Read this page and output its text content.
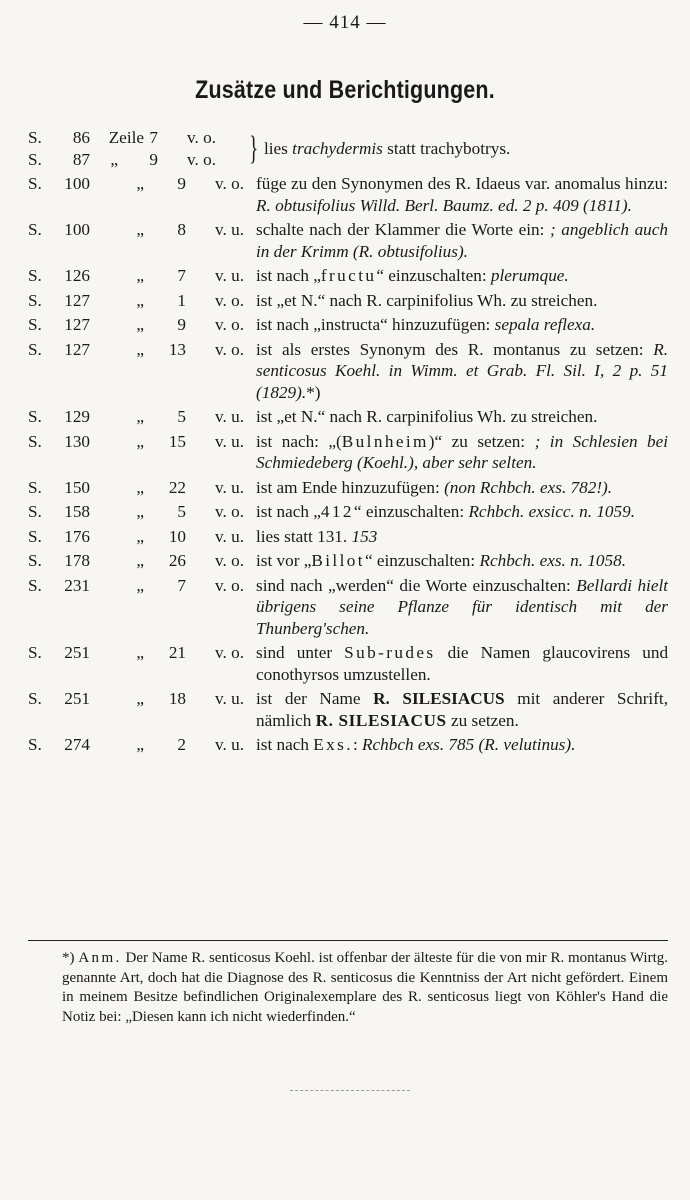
— 414 —
Zusätze und Berichtigungen.
S. 86 Zeile 7 v. o.
S. 87 „ 9 v. o. } lies trachydermis statt trachybotrys.
S. 100	„ 9 v. o. füge zu den Synonymen des R. Idaeus var. anomalus hinzu: R. obtusifolius Willd. Berl. Baumz. ed. 2 p. 409 (1811).
S. 100	„ 8 v. u. schalte nach der Klammer die Worte ein: ; angeblich auch in der Krimm (R. obtusifolius).
S. 126	„ 7 v. u. ist nach „fructu“ einzuschalten: plerumque.
S. 127	„ 1 v. o. ist „et N.“ nach R. carpinifolius Wh. zu streichen.
S. 127	„ 9 v. o. ist nach „instructa“ hinzuzufügen: sepala reflexa.
S. 127	„ 13 v. o. ist als erstes Synonym des R. montanus zu setzen: R. senticosus Koehl. in Wimm. et Grab. Fl. Sil. I, 2 p. 51 (1829).*)
S. 129	„ 5 v. u. ist „et N.“ nach R. carpinifolius Wh. zu streichen.
S. 130	„ 15 v. u. ist nach: „(Bulnheim)“ zu setzen: ; in Schlesien bei Schmiedeberg (Koehl.), aber sehr selten.
S. 150	„ 22 v. u. ist am Ende hinzuzufügen: (non Rchbch. exs. 782!).
S. 158	„ 5 v. o. ist nach „412“ einzuschalten: Rchbch. exsicc. n. 1059.
S. 176	„ 10 v. u. lies statt 131. 153
S. 178	„ 26 v. o. ist vor „Billot“ einzuschalten: Rchbch. exs. n. 1058.
S. 231	„ 7 v. o. sind nach „werden“ die Worte einzuschalten: Bellardi hielt übrigens seine Pflanze für identisch mit der Thunberg'schen.
S. 251	„ 21 v. o. sind unter Sub-rudes die Namen glaucovirens und conothyrsos umzustellen.
S. 251	„ 18 v. u. ist der Name R. SILESIACUS mit anderer Schrift, nämlich R. SILESIACUS zu setzen.
S. 274	„ 2 v. u. ist nach Exs.: Rchbch exs. 785 (R. velutinus).
*) Anm. Der Name R. senticosus Koehl. ist offenbar der älteste für die von mir R. montanus Wirtg. genannte Art, doch hat die Diagnose des R. senticosus die Kenntniss der Art nicht gefördert. Einem in meinem Besitze befindlichen Originalexemplare des R. senticosus liegt von Köhler's Hand die Notiz bei: „Diesen kann ich nicht wiederfinden.“
